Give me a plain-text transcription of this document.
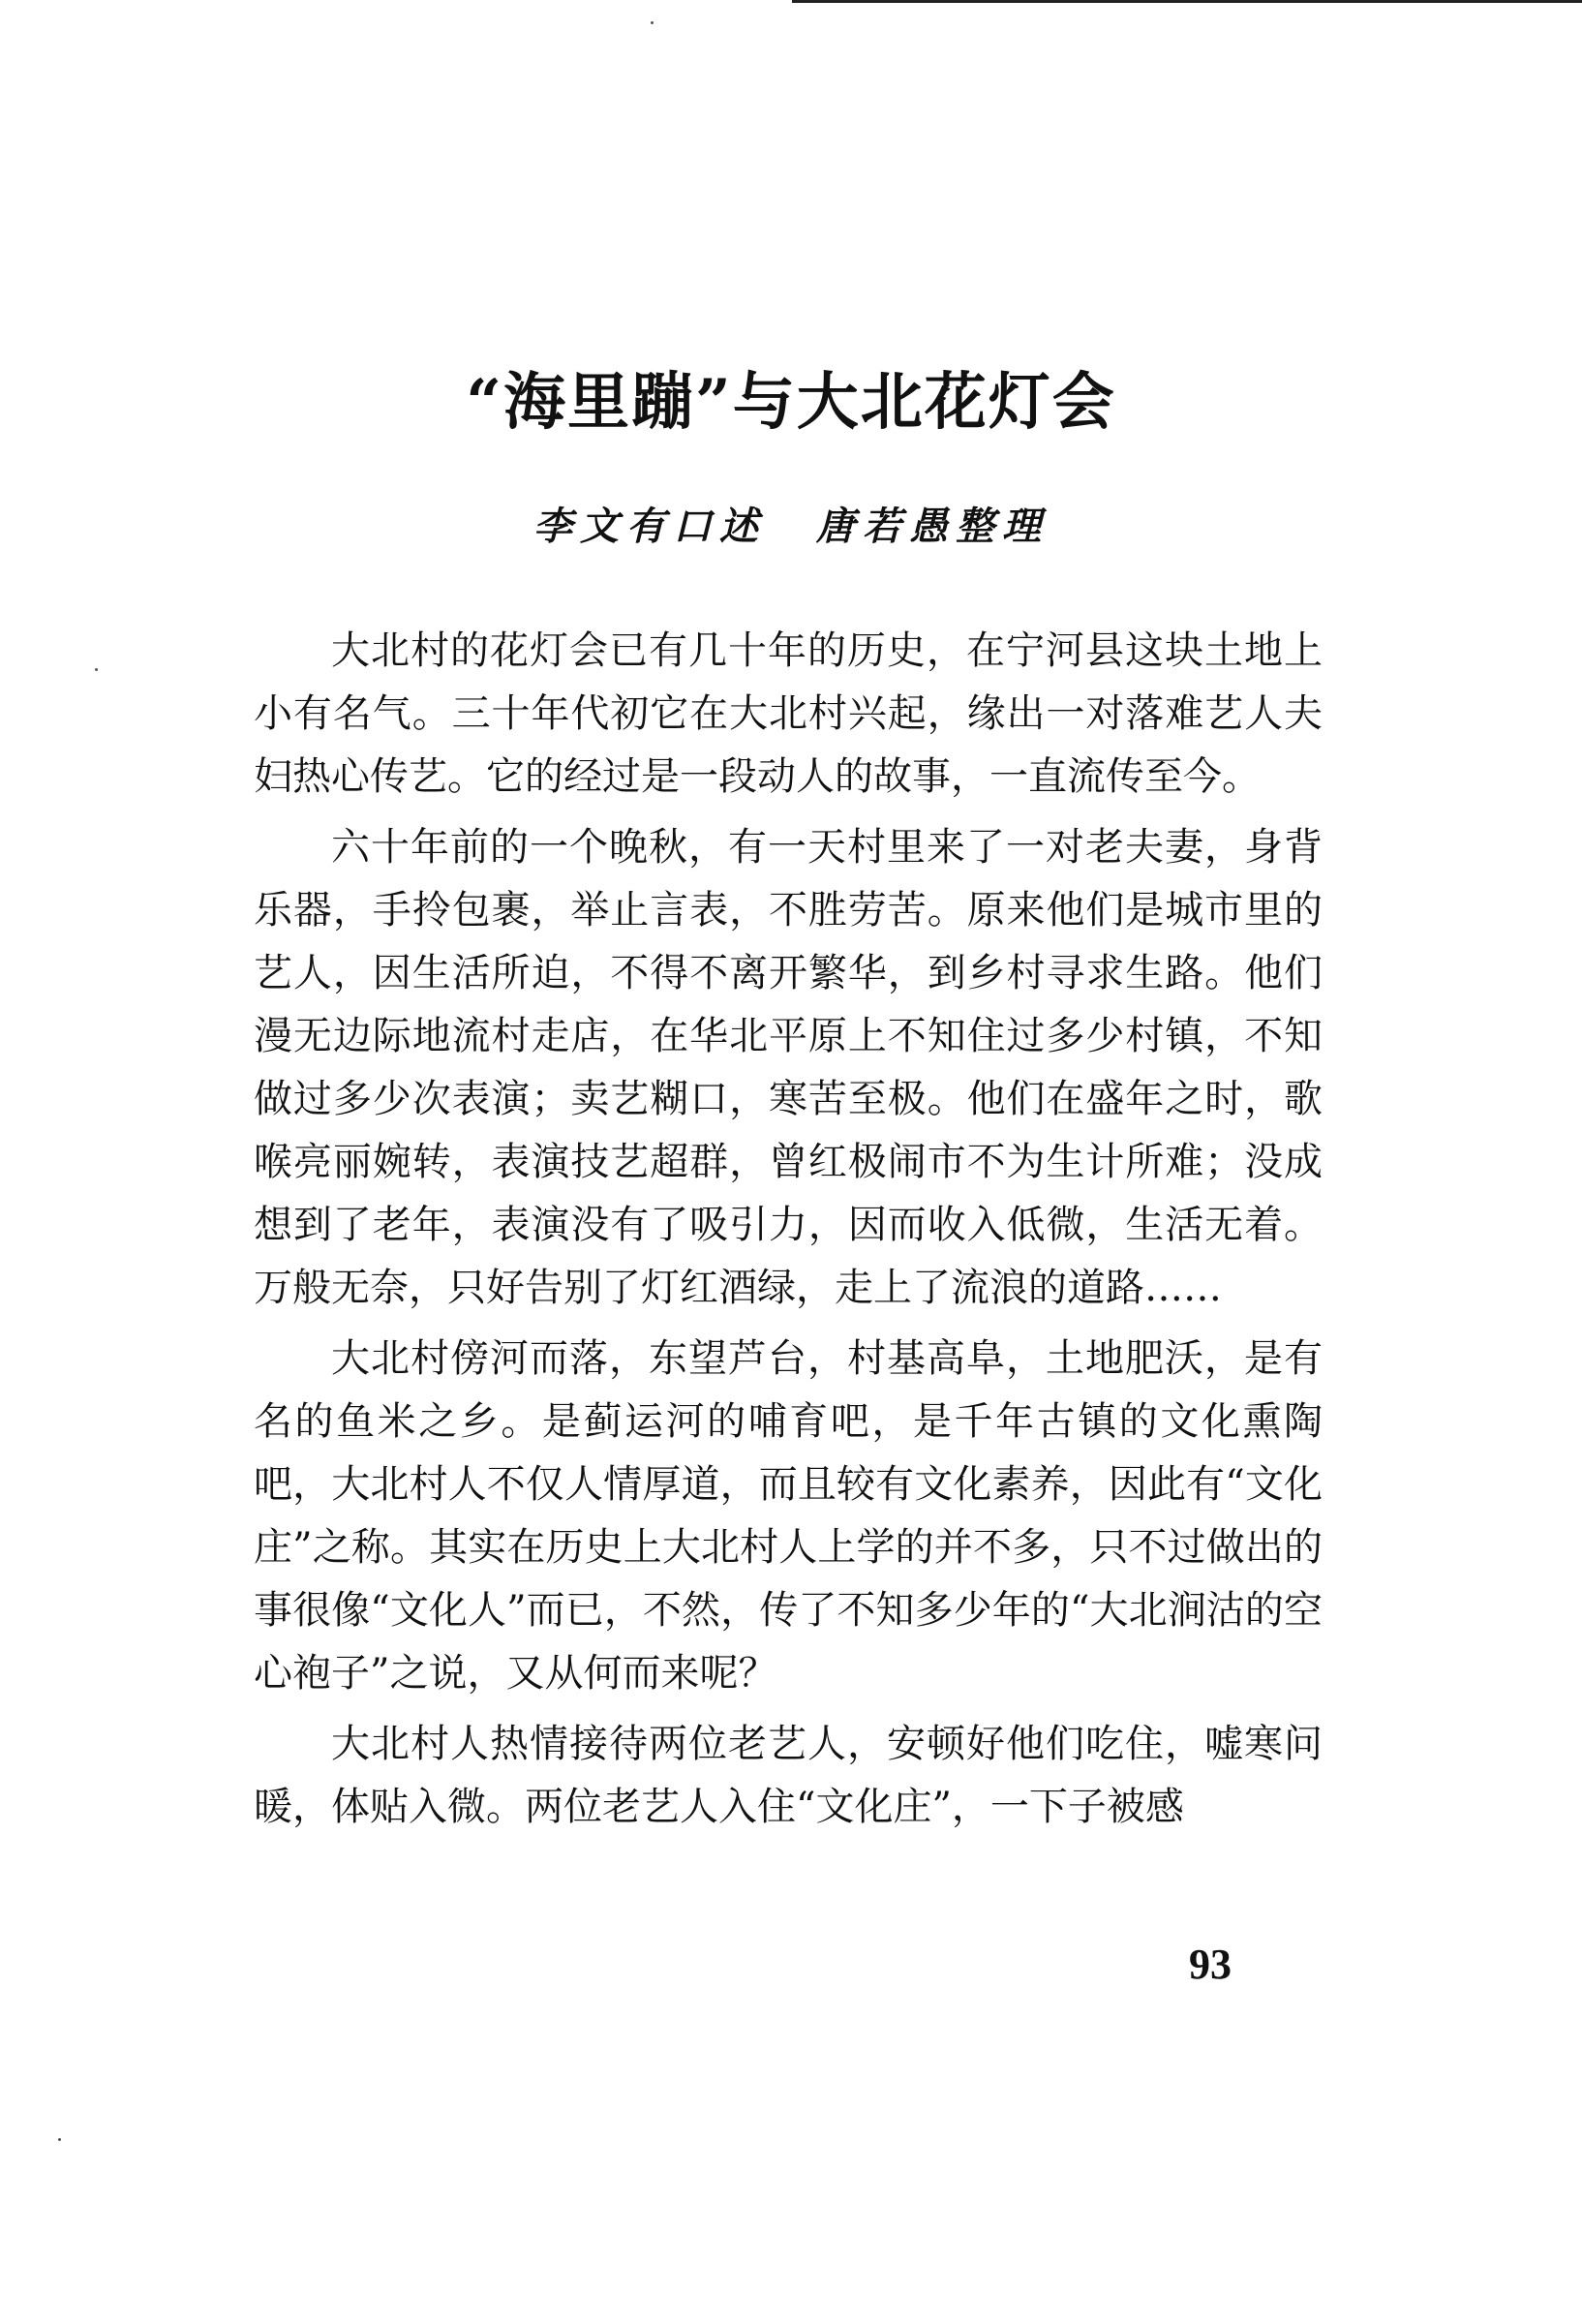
“海里蹦”与大北花灯会
李文有口述 唐若愚整理

大北村的花灯会已有几十年的历史，在宁河县这块土地上小有名气。三十年代初它在大北村兴起，缘出一对落难艺人夫妇热心传艺。它的经过是一段动人的故事，一直流传至今。

六十年前的一个晚秋，有一天村里来了一对老夫妻，身背乐器，手拎包裹，举止言表，不胜劳苦。原来他们是城市里的艺人，因生活所迫，不得不离开繁华，到乡村寻求生路。他们漫无边际地流村走店，在华北平原上不知住过多少村镇，不知做过多少次表演；卖艺糊口，寒苦至极。他们在盛年之时，歌喉亮丽婉转，表演技艺超群，曾红极闹市不为生计所难；没成想到了老年，表演没有了吸引力，因而收入低微，生活无着。万般无奈，只好告别了灯红酒绿，走上了流浪的道路……

大北村傍河而落，东望芦台，村基高阜，土地肥沃，是有名的鱼米之乡。是蓟运河的哺育吧，是千年古镇的文化熏陶吧，大北村人不仅人情厚道，而且较有文化素养，因此有“文化庄”之称。其实在历史上大北村人上学的并不多，只不过做出的事很像“文化人”而已，不然，传了不知多少年的“大北涧沽的空心袍子”之说，又从何而来呢？

大北村人热情接待两位老艺人，安顿好他们吃住，嘘寒问暖，体贴入微。两位老艺人入住“文化庄”，一下子被感

93
